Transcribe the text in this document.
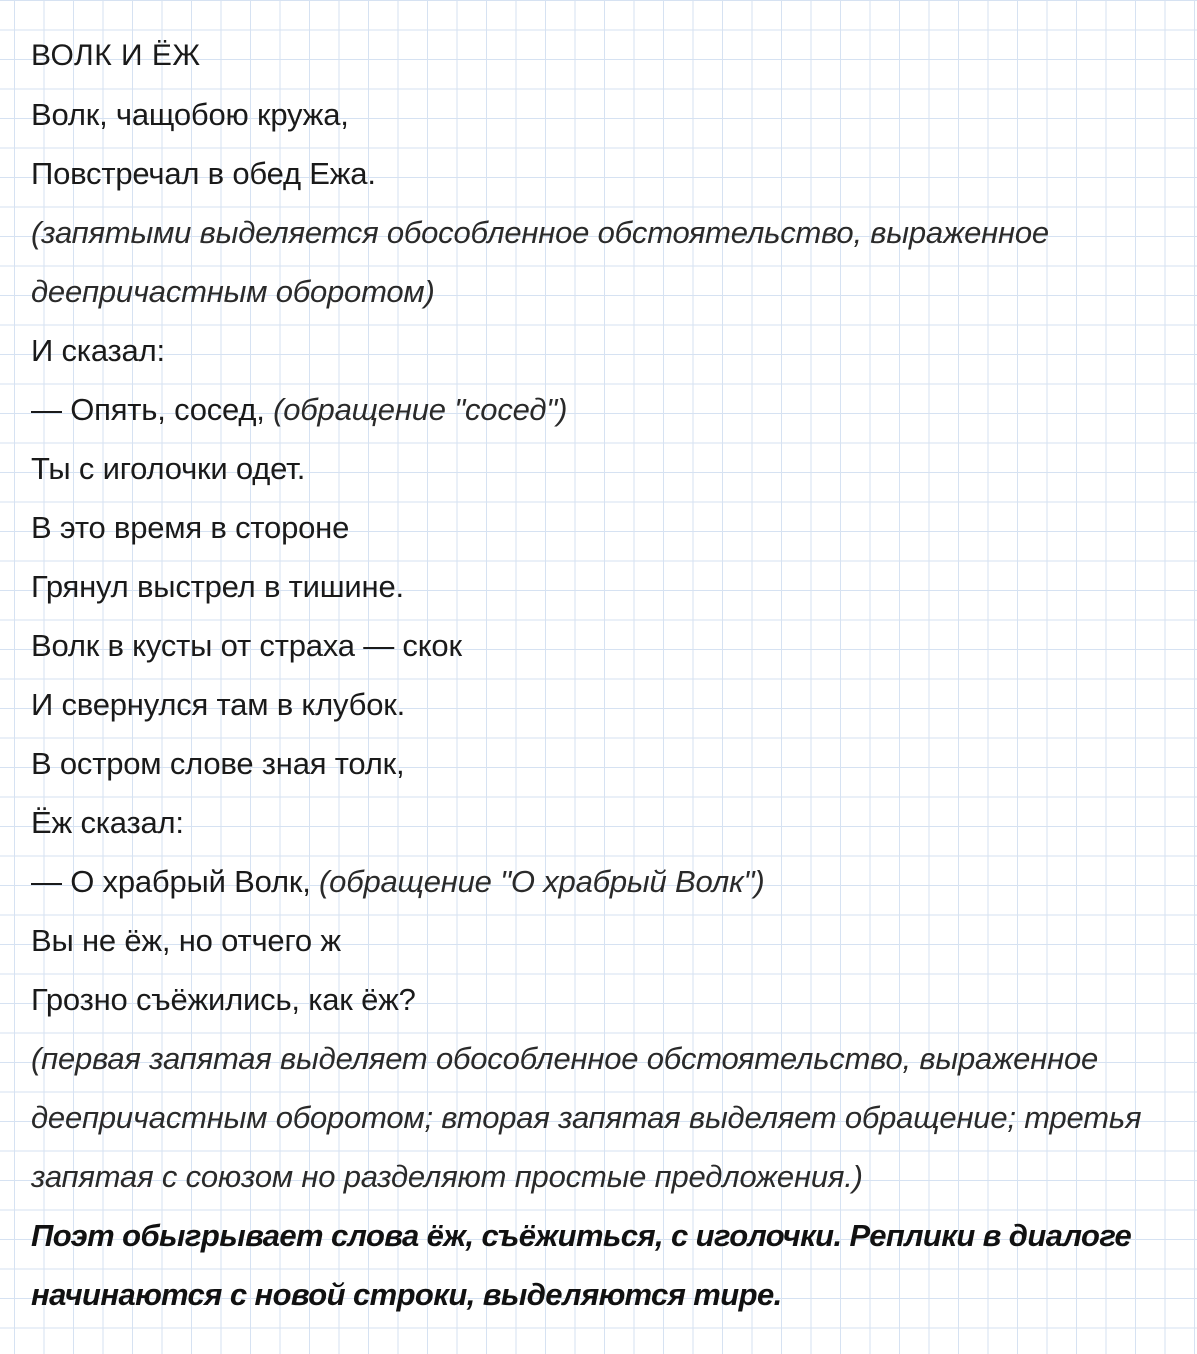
ВОЛК И ЁЖ
Волк, чащобою кружа,
Повстречал в обед Ежа.
(запятыми выделяется обособленное обстоятельство, выраженное
деепричастным оборотом)
И сказал:
— Опять, сосед, (обращение "сосед")
Ты с иголочки одет.
В это время в стороне
Грянул выстрел в тишине.
Волк в кусты от страха — скок
И свернулся там в клубок.
В остром слове зная толк,
Ёж сказал:
— О храбрый Волк, (обращение "О храбрый Волк")
Вы не ёж, но отчего ж
Грозно съёжились, как ёж?
(первая запятая выделяет обособленное обстоятельство, выраженное
деепричастным оборотом; вторая запятая выделяет обращение; третья
запятая с союзом но разделяют простые предложения.)
Поэт обыгрывает слова ёж, съёжиться, с иголочки. Реплики в диалоге
начинаются с новой строки, выделяются тире.
